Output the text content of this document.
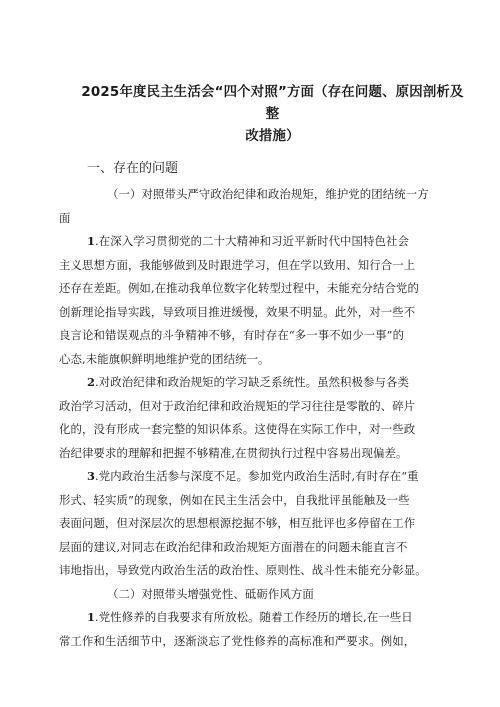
2025年度民主生活会“四个对照”方面（存在问题、原因剖析及整
改措施）
一、存在的问题
（一）对照带头严守政治纪律和政治规矩，维护党的团结统一方
面
1.在深入学习贯彻党的二十大精神和习近平新时代中国特色社会
主义思想方面，我能够做到及时跟进学习，但在学以致用、知行合一上
还存在差距。例如,在推动我单位数字化转型过程中，未能充分结合党的
创新理论指导实践，导致项目推进缓慢，效果不明显。此外，对一些不
良言论和错误观点的斗争精神不够，有时存在“多一事不如少一事”的
心态,未能旗帜鲜明地维护党的团结统一。
2.对政治纪律和政治规矩的学习缺乏系统性。虽然积极参与各类
政治学习活动，但对于政治纪律和政治规矩的学习往往是零散的、碎片
化的，没有形成一套完整的知识体系。这使得在实际工作中，对一些政
治纪律要求的理解和把握不够精准,在贯彻执行过程中容易出现偏差。
3.党内政治生活参与深度不足。参加党内政治生活时,有时存在“重
形式、轻实质”的现象，例如在民主生活会中，自我批评虽能触及一些
表面问题，但对深层次的思想根源挖掘不够，相互批评也多停留在工作
层面的建议,对同志在政治纪律和政治规矩方面潜在的问题未能直言不
讳地指出，导致党内政治生活的政治性、原则性、战斗性未能充分彰显。
（二）对照带头增强党性、砥砺作风方面
1.党性修养的自我要求有所放松。随着工作经历的增长,在一些日
常工作和生活细节中，逐渐淡忘了党性修养的高标准和严要求。例如，
